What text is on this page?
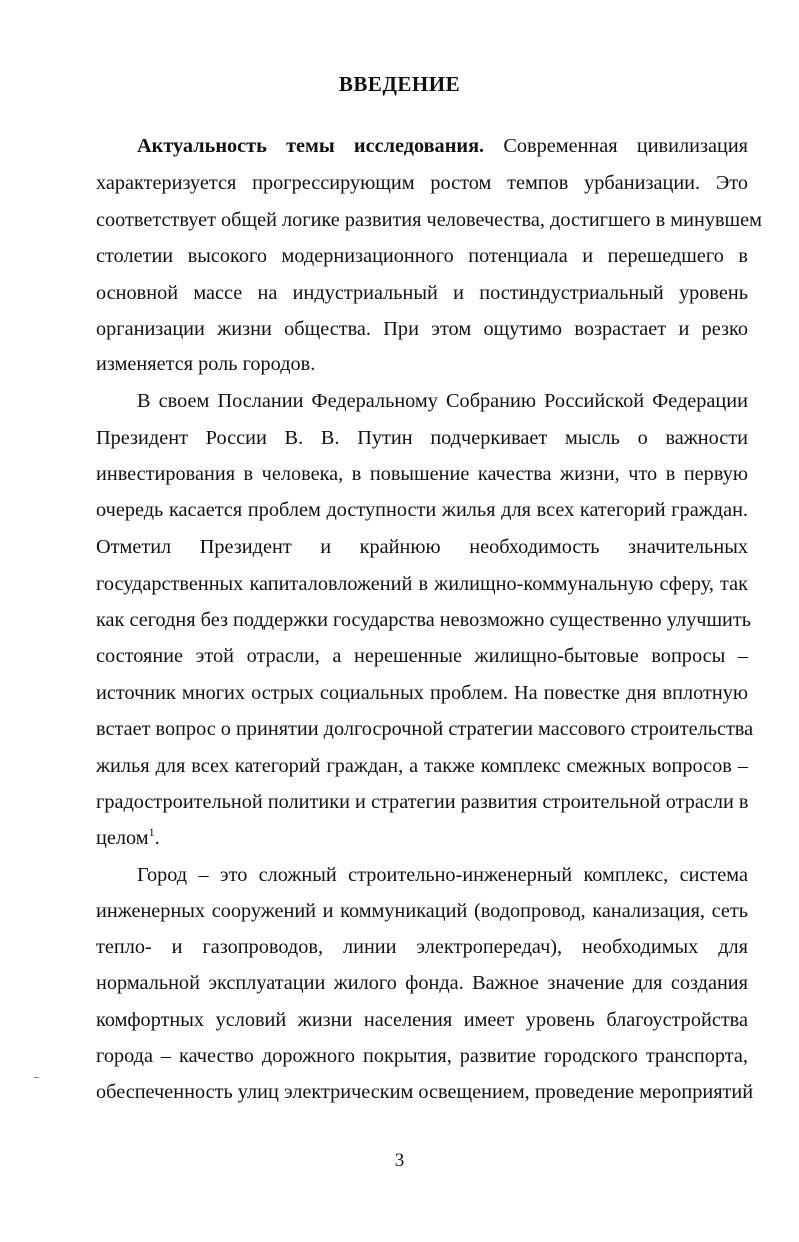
ВВЕДЕНИЕ
Актуальность темы исследования. Современная цивилизация
характеризуется прогрессирующим ростом темпов урбанизации. Это
соответствует общей логике развития человечества, достигшего в минувшем
столетии высокого модернизационного потенциала и перешедшего в
основной массе на индустриальный и постиндустриальный уровень
организации жизни общества. При этом ощутимо возрастает и резко
изменяется роль городов.
В своем Послании Федеральному Собранию Российской Федерации
Президент России В. В. Путин подчеркивает мысль о важности
инвестирования в человека, в повышение качества жизни, что в первую
очередь касается проблем доступности жилья для всех категорий граждан.
Отметил Президент и крайнюю необходимость значительных
государственных капиталовложений в жилищно-коммунальную сферу, так
как сегодня без поддержки государства невозможно существенно улучшить
состояние этой отрасли, а нерешенные жилищно-бытовые вопросы –
источник многих острых социальных проблем. На повестке дня вплотную
встает вопрос о принятии долгосрочной стратегии массового строительства
жилья для всех категорий граждан, а также комплекс смежных вопросов –
градостроительной политики и стратегии развития строительной отрасли в
целом$^1$.
Город – это сложный строительно-инженерный комплекс, система
инженерных сооружений и коммуникаций (водопровод, канализация, сеть
тепло- и газопроводов, линии электропередач), необходимых для
нормальной эксплуатации жилого фонда. Важное значение для создания
комфортных условий жизни населения имеет уровень благоустройства
города – качество дорожного покрытия, развитие городского транспорта,
обеспеченность улиц электрическим освещением, проведение мероприятий
3
